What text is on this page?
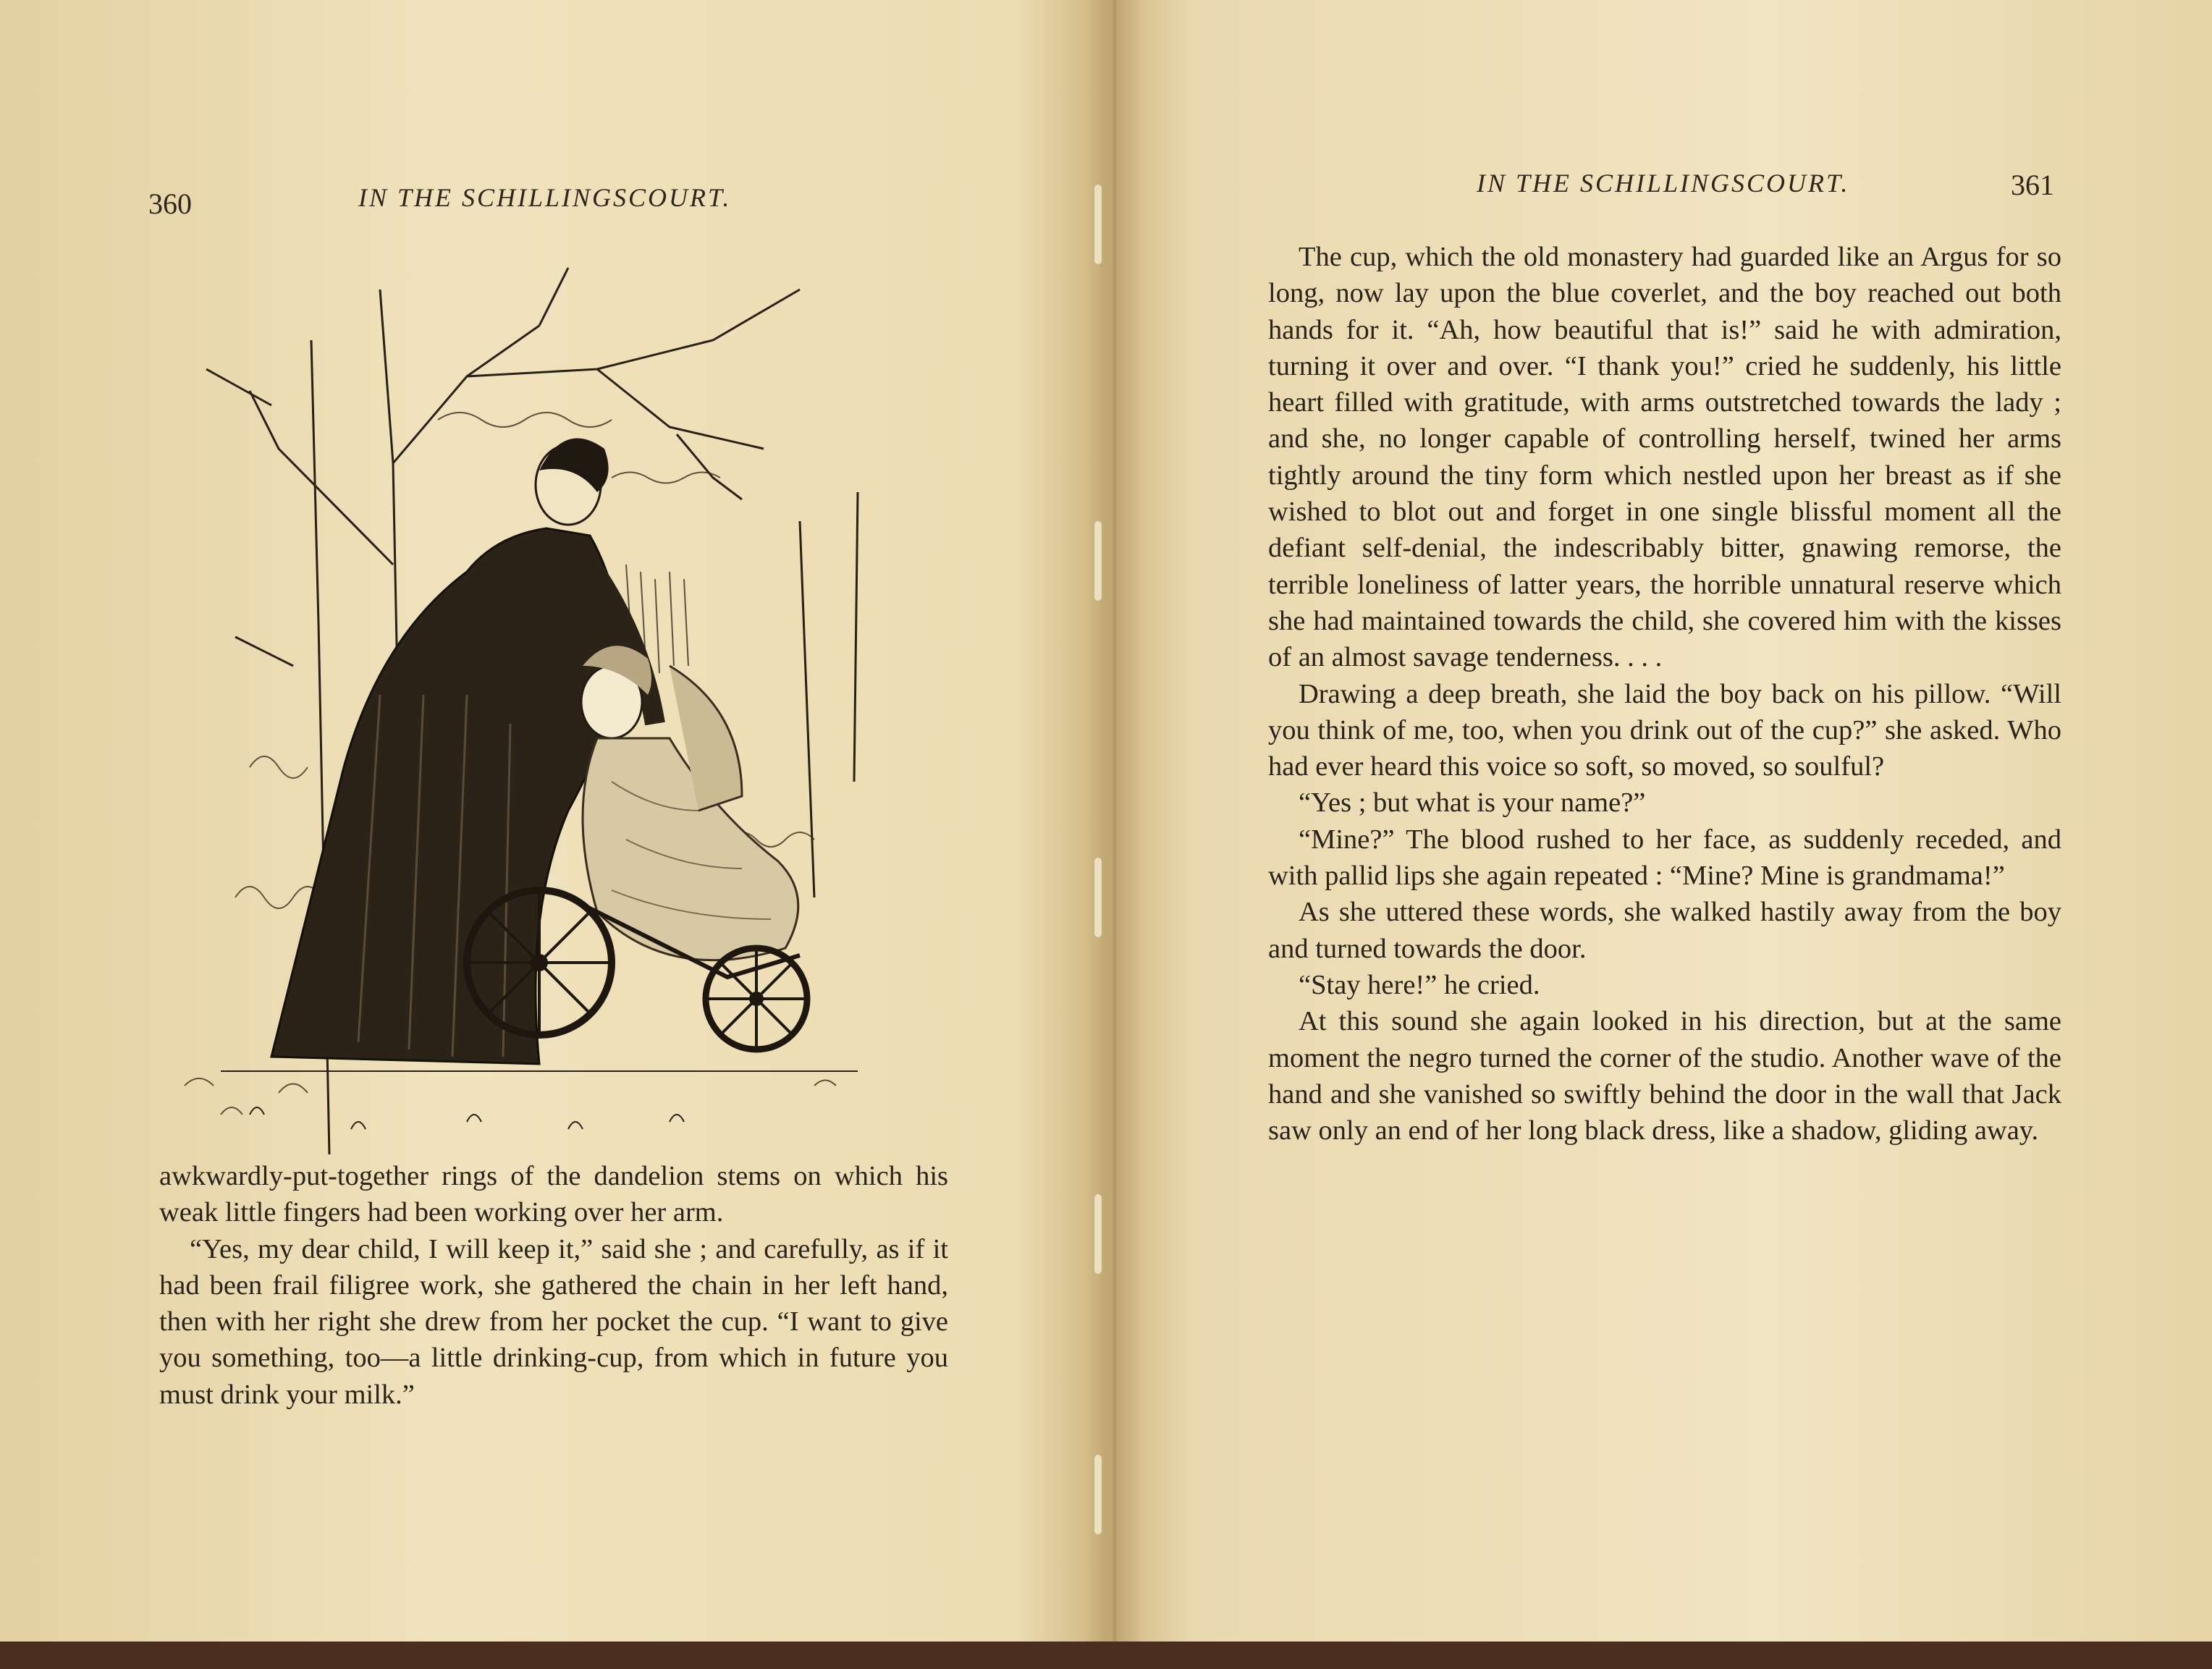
360	IN THE SCHILLINGSCOURT.

awkwardly-put-together rings of the dandelion stems on which his weak little fingers had been working over her arm.

“Yes, my dear child, I will keep it,” said she ; and carefully, as if it had been frail filigree work, she gathered the chain in her left hand, then with her right she drew from her pocket the cup. “I want to give you something, too—a little drinking-cup, from which in future you must drink your milk.”

IN THE SCHILLINGSCOURT.	361

The cup, which the old monastery had guarded like an Argus for so long, now lay upon the blue coverlet, and the boy reached out both hands for it. “Ah, how beautiful that is!” said he with admiration, turning it over and over. “I thank you!” cried he suddenly, his little heart filled with gratitude, with arms outstretched towards the lady ; and she, no longer capable of controlling herself, twined her arms tightly around the tiny form which nestled upon her breast as if she wished to blot out and forget in one single blissful moment all the defiant self-denial, the indescribably bitter, gnawing remorse, the terrible loneliness of latter years, the horrible unnatural reserve which she had maintained towards the child, she covered him with the kisses of an almost savage tenderness. . . .

Drawing a deep breath, she laid the boy back on his pillow. “Will you think of me, too, when you drink out of the cup?” she asked. Who had ever heard this voice so soft, so moved, so soulful?

“Yes ; but what is your name?”

“Mine?” The blood rushed to her face, as suddenly receded, and with pallid lips she again repeated : “Mine? Mine is grandmama!”

As she uttered these words, she walked hastily away from the boy and turned towards the door.

“Stay here!” he cried.

At this sound she again looked in his direction, but at the same moment the negro turned the corner of the studio. Another wave of the hand and she vanished so swiftly behind the door in the wall that Jack saw only an end of her long black dress, like a shadow, gliding away.
